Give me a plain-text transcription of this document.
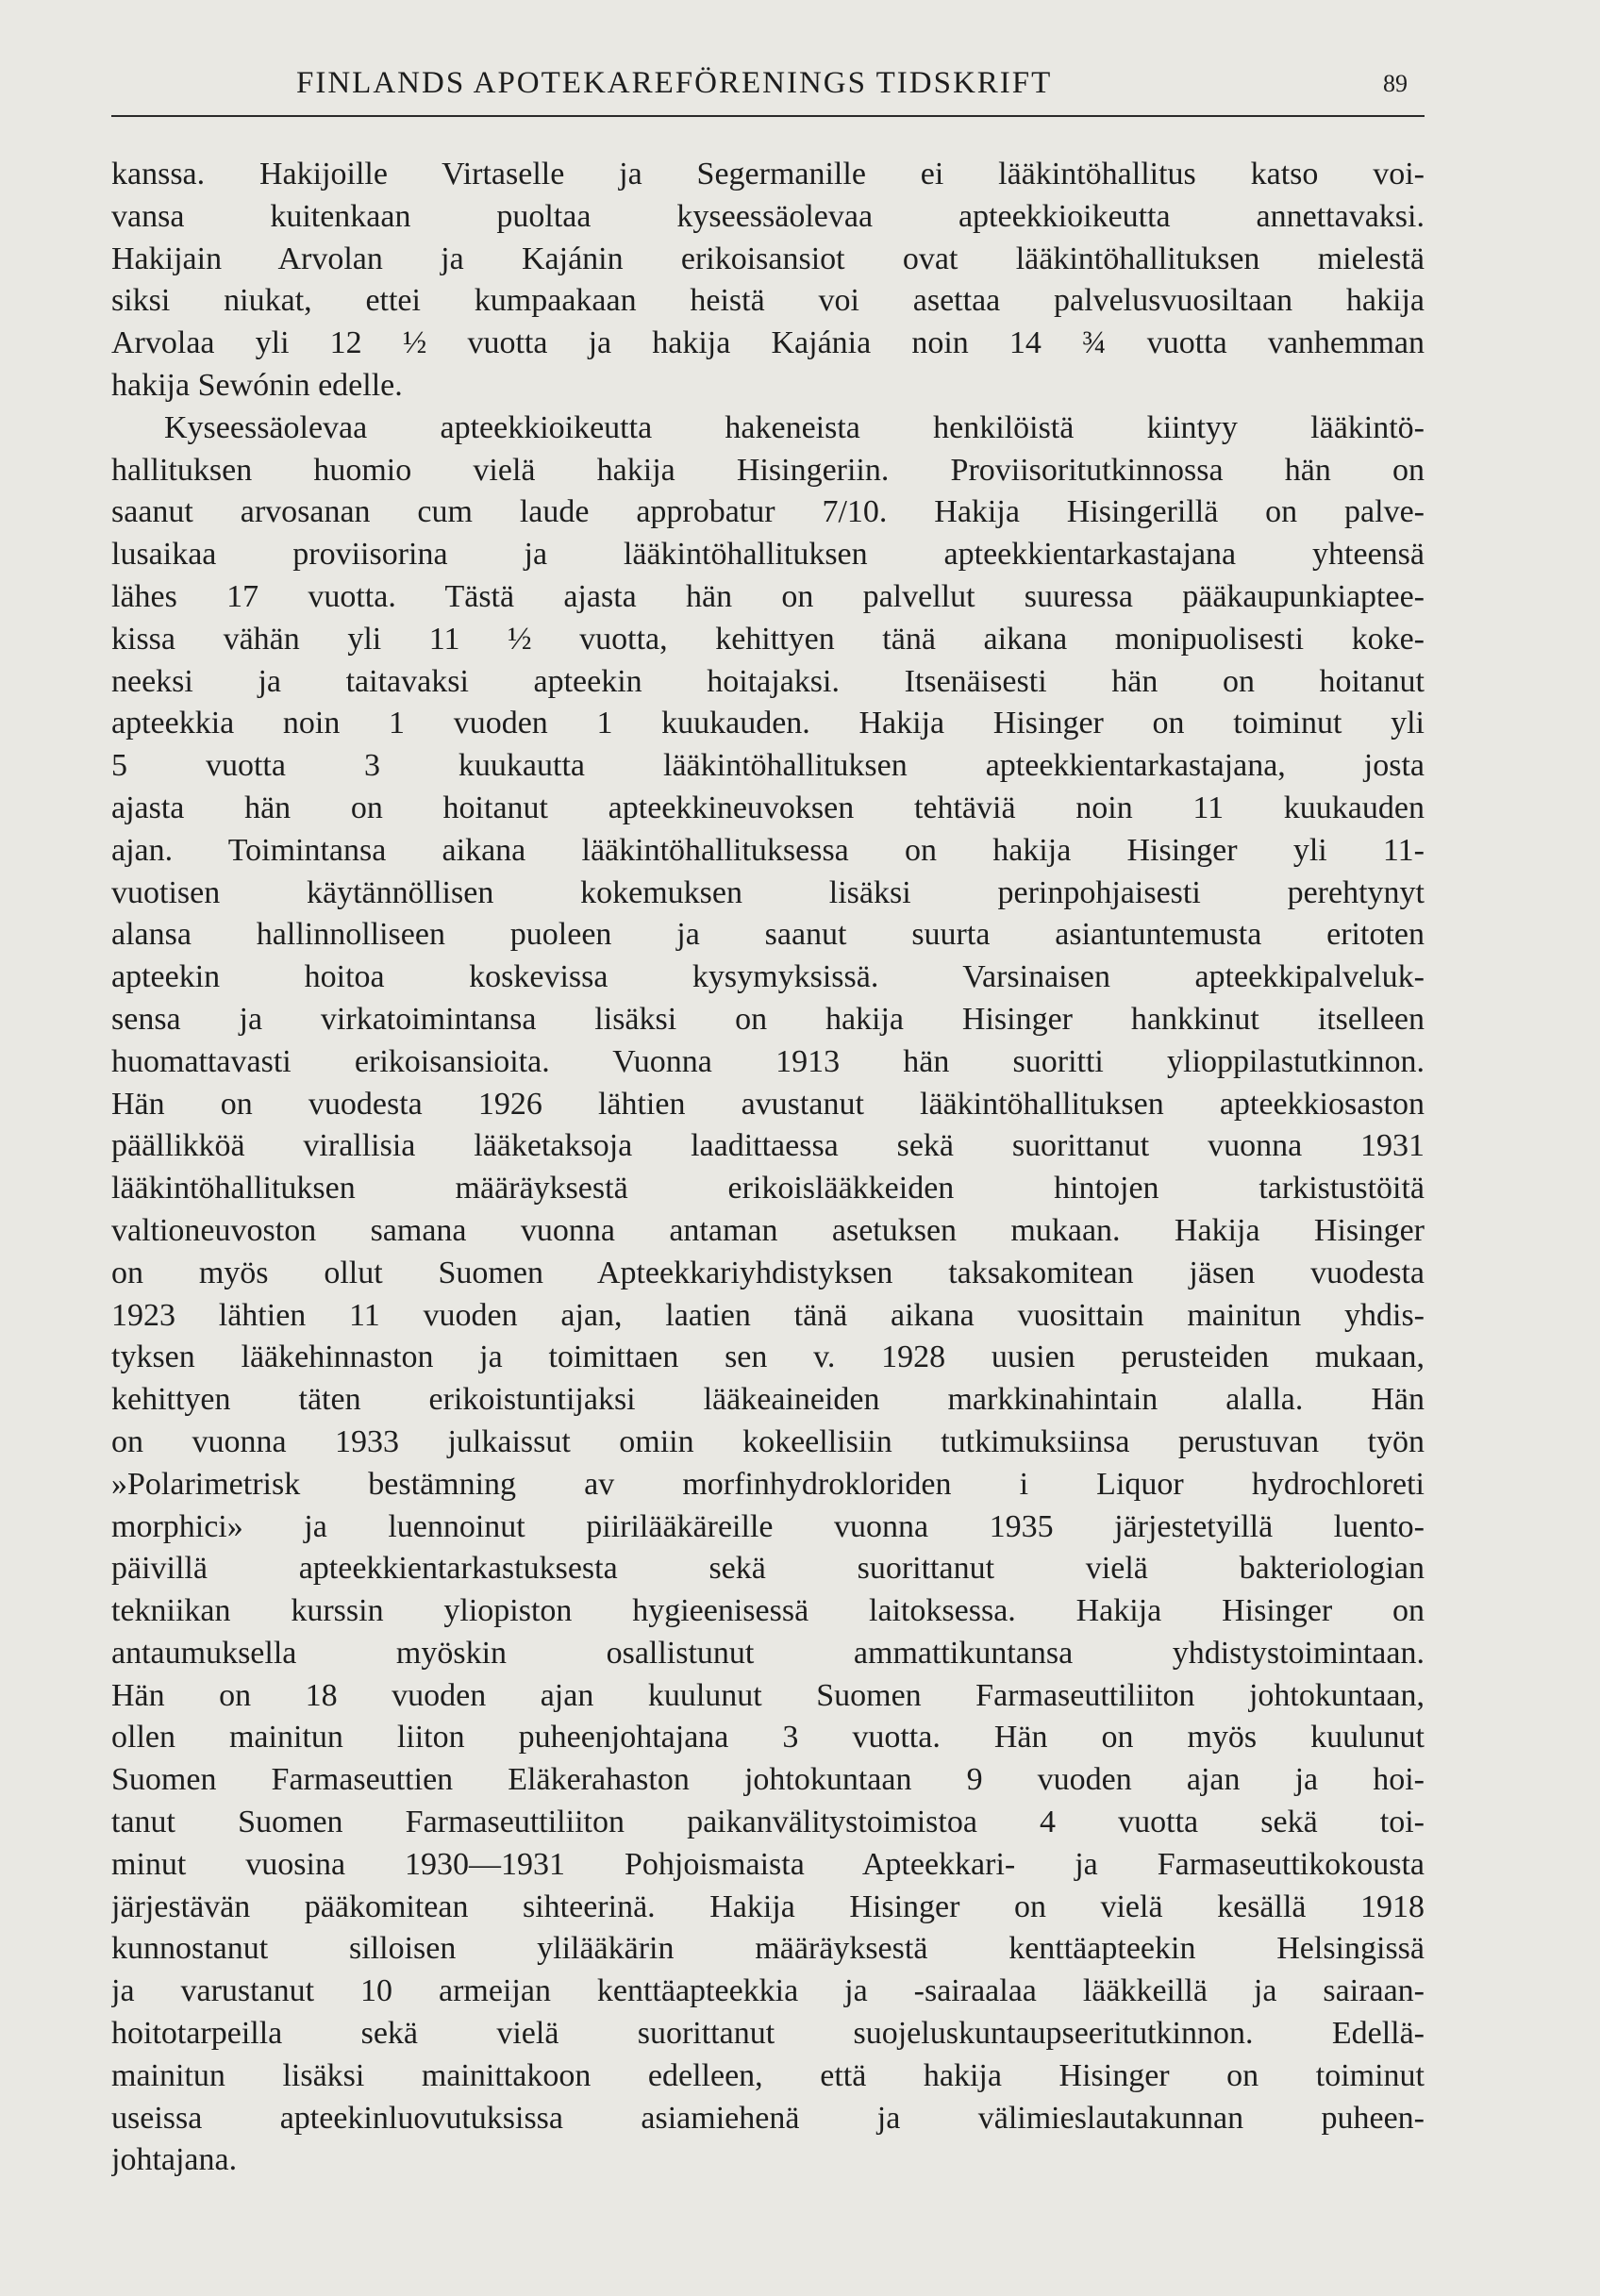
FINLANDS APOTEKAREFÖRENINGS TIDSKRIFT	89
kanssa. Hakijoille Virtaselle ja Segermanille ei lääkintöhallitus katso voi-
vansa kuitenkaan puoltaa kyseessäolevaa apteekkioikeutta annettavaksi.
Hakijain Arvolan ja Kajánin erikoisansiot ovat lääkintöhallituksen mielestä
siksi niukat, ettei kumpaakaan heistä voi asettaa palvelusvuosiltaan hakija
Arvolaa yli 12 ½ vuotta ja hakija Kajánia noin 14 ¾ vuotta vanhemman
hakija Sewónin edelle.
Kyseessäolevaa apteekkioikeutta hakeneista henkilöistä kiintyy lääkintö-
hallituksen huomio vielä hakija Hisingeriin. Proviisoritutkinnossa hän on
saanut arvosanan cum laude approbatur 7/10. Hakija Hisingerillä on palve-
lusaikaa proviisorina ja lääkintöhallituksen apteekkientarkastajana yhteensä
lähes 17 vuotta. Tästä ajasta hän on palvellut suuressa pääkaupunkiaptee-
kissa vähän yli 11 ½ vuotta, kehittyen tänä aikana monipuolisesti koke-
neeksi ja taitavaksi apteekin hoitajaksi. Itsenäisesti hän on hoitanut
apteekkia noin 1 vuoden 1 kuukauden. Hakija Hisinger on toiminut yli
5 vuotta 3 kuukautta lääkintöhallituksen apteekkientarkastajana, josta
ajasta hän on hoitanut apteekkineuvoksen tehtäviä noin 11 kuukauden
ajan. Toimintansa aikana lääkintöhallituksessa on hakija Hisinger yli 11-
vuotisen käytännöllisen kokemuksen lisäksi perinpohjaisesti perehtynyt
alansa hallinnolliseen puoleen ja saanut suurta asiantuntemusta eritoten
apteekin hoitoa koskevissa kysymyksissä. Varsinaisen apteekkipalveluk-
sensa ja virkatoimintansa lisäksi on hakija Hisinger hankkinut itselleen
huomattavasti erikoisansioita. Vuonna 1913 hän suoritti ylioppilastutkinnon.
Hän on vuodesta 1926 lähtien avustanut lääkintöhallituksen apteekkiosaston
päällikköä virallisia lääketaksoja laadittaessa sekä suorittanut vuonna 1931
lääkintöhallituksen määräyksestä erikoislääkkeiden hintojen tarkistustöitä
valtioneuvoston samana vuonna antaman asetuksen mukaan. Hakija Hisinger
on myös ollut Suomen Apteekkariyhdistyksen taksakomitean jäsen vuodesta
1923 lähtien 11 vuoden ajan, laatien tänä aikana vuosittain mainitun yhdis-
tyksen lääkehinnaston ja toimittaen sen v. 1928 uusien perusteiden mukaan,
kehittyen täten erikoistuntijaksi lääkeaineiden markkinahintain alalla. Hän
on vuonna 1933 julkaissut omiin kokeellisiin tutkimuksiinsa perustuvan työn
»Polarimetrisk bestämning av morfinhydrokloriden i Liquor hydrochloreti
morphici» ja luennoinut piirilääkäreille vuonna 1935 järjestetyillä luento-
päivillä apteekkientarkastuksesta sekä suorittanut vielä bakteriologian
tekniikan kurssin yliopiston hygieenisessä laitoksessa. Hakija Hisinger on
antaumuksella myöskin osallistunut ammattikuntansa yhdistystoimintaan.
Hän on 18 vuoden ajan kuulunut Suomen Farmaseuttiliiton johtokuntaan,
ollen mainitun liiton puheenjohtajana 3 vuotta. Hän on myös kuulunut
Suomen Farmaseuttien Eläkerahaston johtokuntaan 9 vuoden ajan ja hoi-
tanut Suomen Farmaseuttiliiton paikanvälitystoimistoa 4 vuotta sekä toi-
minut vuosina 1930—1931 Pohjoismaista Apteekkari- ja Farmaseuttikokousta
järjestävän pääkomitean sihteerinä. Hakija Hisinger on vielä kesällä 1918
kunnostanut silloisen ylilääkärin määräyksestä kenttäapteekin Helsingissä
ja varustanut 10 armeijan kenttäapteekkia ja -sairaalaa lääkkeillä ja sairaan-
hoitotarpeilla sekä vielä suorittanut suojeluskuntaupseeritutkinnon. Edellä-
mainitun lisäksi mainittakoon edelleen, että hakija Hisinger on toiminut
useissa apteekinluovutuksissa asiamiehenä ja välimieslautakunnan puheen-
johtajana.
